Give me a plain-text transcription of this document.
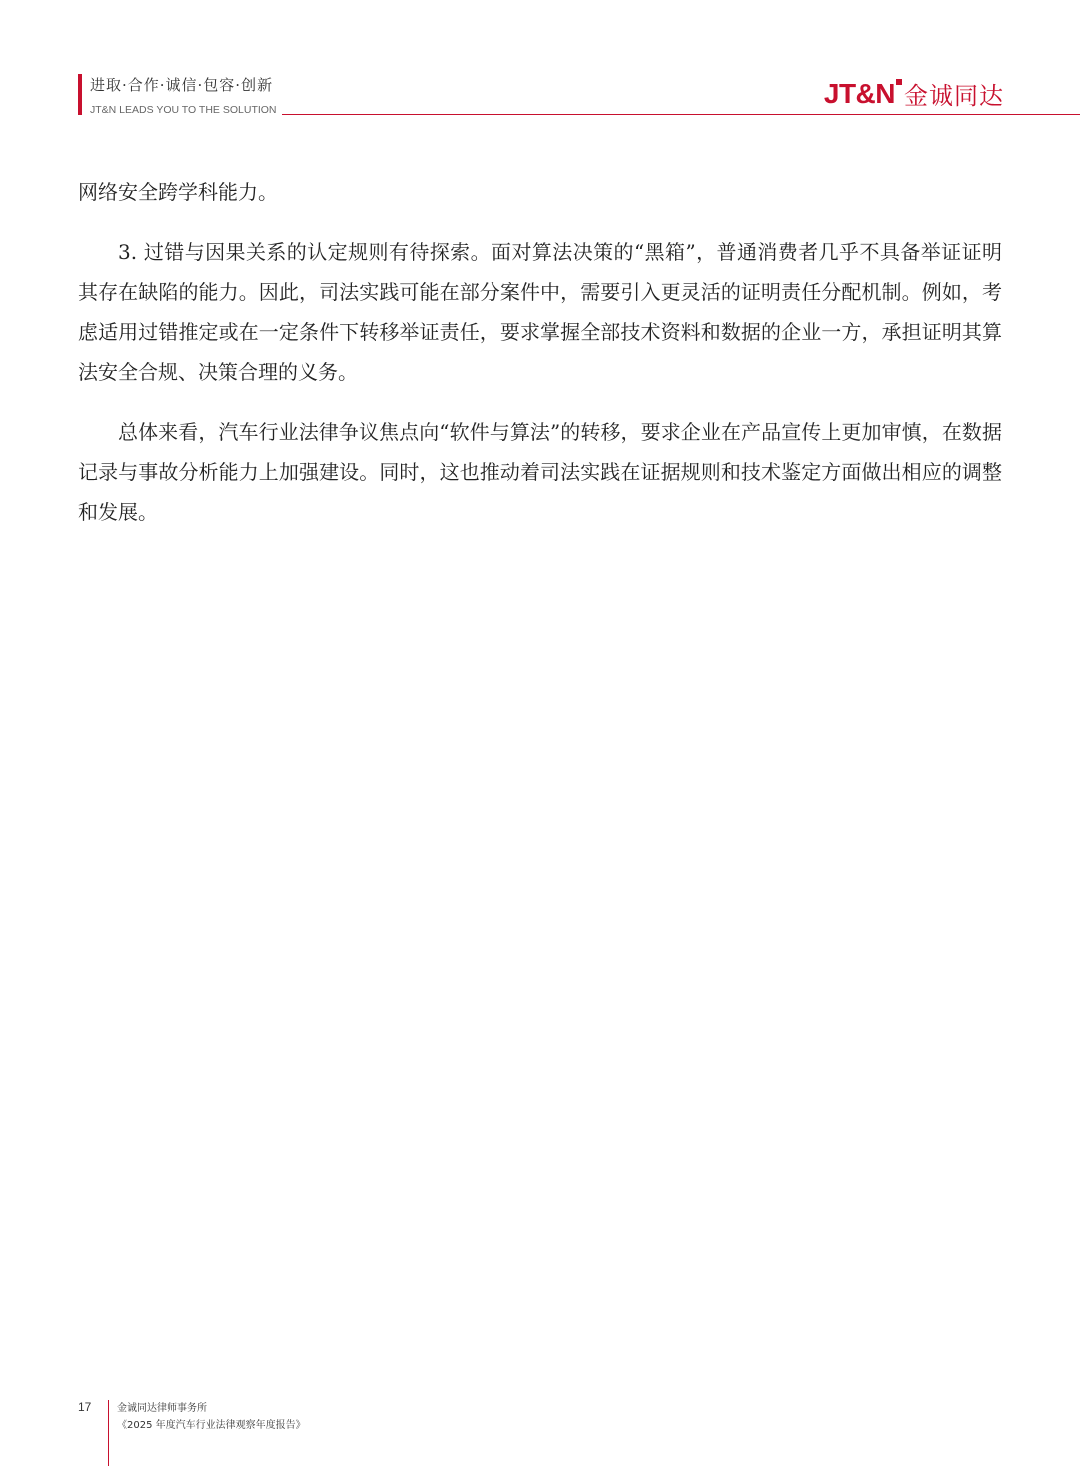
进取·合作·诚信·包容·创新
JT&N LEADS YOU TO THE SOLUTION
JT&N 金诚同达

网络安全跨学科能力。

3. 过错与因果关系的认定规则有待探索。面对算法决策的“黑箱”，普通消费者几乎不具备举证证明其存在缺陷的能力。因此，司法实践可能在部分案件中，需要引入更灵活的证明责任分配机制。例如，考虑适用过错推定或在一定条件下转移举证责任，要求掌握全部技术资料和数据的企业一方，承担证明其算法安全合规、决策合理的义务。

总体来看，汽车行业法律争议焦点向“软件与算法”的转移，要求企业在产品宣传上更加审慎，在数据记录与事故分析能力上加强建设。同时，这也推动着司法实践在证据规则和技术鉴定方面做出相应的调整和发展。

17	金诚同达律师事务所
《2025 年度汽车行业法律观察年度报告》
